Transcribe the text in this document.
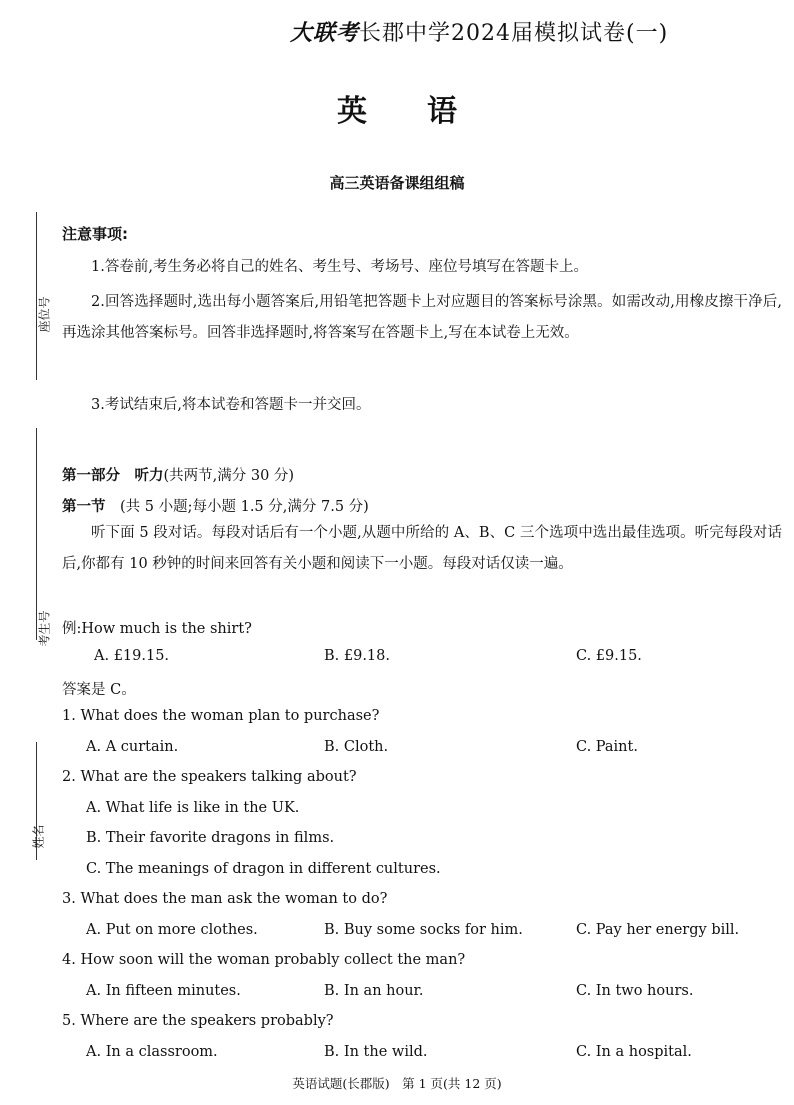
大联考长郡中学2024届模拟试卷(一)
英语
高三英语备课组组稿
座位号
考生号
姓名
注意事项:
1.答卷前,考生务必将自己的姓名、考生号、考场号、座位号填写在答题卡上。
2.回答选择题时,选出每小题答案后,用铅笔把答题卡上对应题目的答案标号涂黑。如需改动,用橡皮擦干净后,再选涂其他答案标号。回答非选择题时,将答案写在答题卡上,写在本试卷上无效。
3.考试结束后,将本试卷和答题卡一并交回。
第一部分　 听力(共两节,满分 30 分)
第一节　 (共 5 小题;每小题 1.5 分,满分 7.5 分)
听下面 5 段对话。每段对话后有一个小题,从题中所给的 A、B、C 三个选项中选出最佳选项。听完每段对话后,你都有 10 秒钟的时间来回答有关小题和阅读下一小题。每段对话仅读一遍。
例:How much is the shirt?
A. £19.15.	B. £9.18.	C. £9.15.
答案是 C。
1. What does the woman plan to purchase?
A. A curtain.	B. Cloth.	C. Paint.
2. What are the speakers talking about?
A. What life is like in the UK.
B. Their favorite dragons in films.
C. The meanings of dragon in different cultures.
3. What does the man ask the woman to do?
A. Put on more clothes.	B. Buy some socks for him.	C. Pay her energy bill.
4. How soon will the woman probably collect the man?
A. In fifteen minutes.	B. In an hour.	C. In two hours.
5. Where are the speakers probably?
A. In a classroom.	B. In the wild.	C. In a hospital.
英语试题(长郡版)　第 1 页(共 12 页)
